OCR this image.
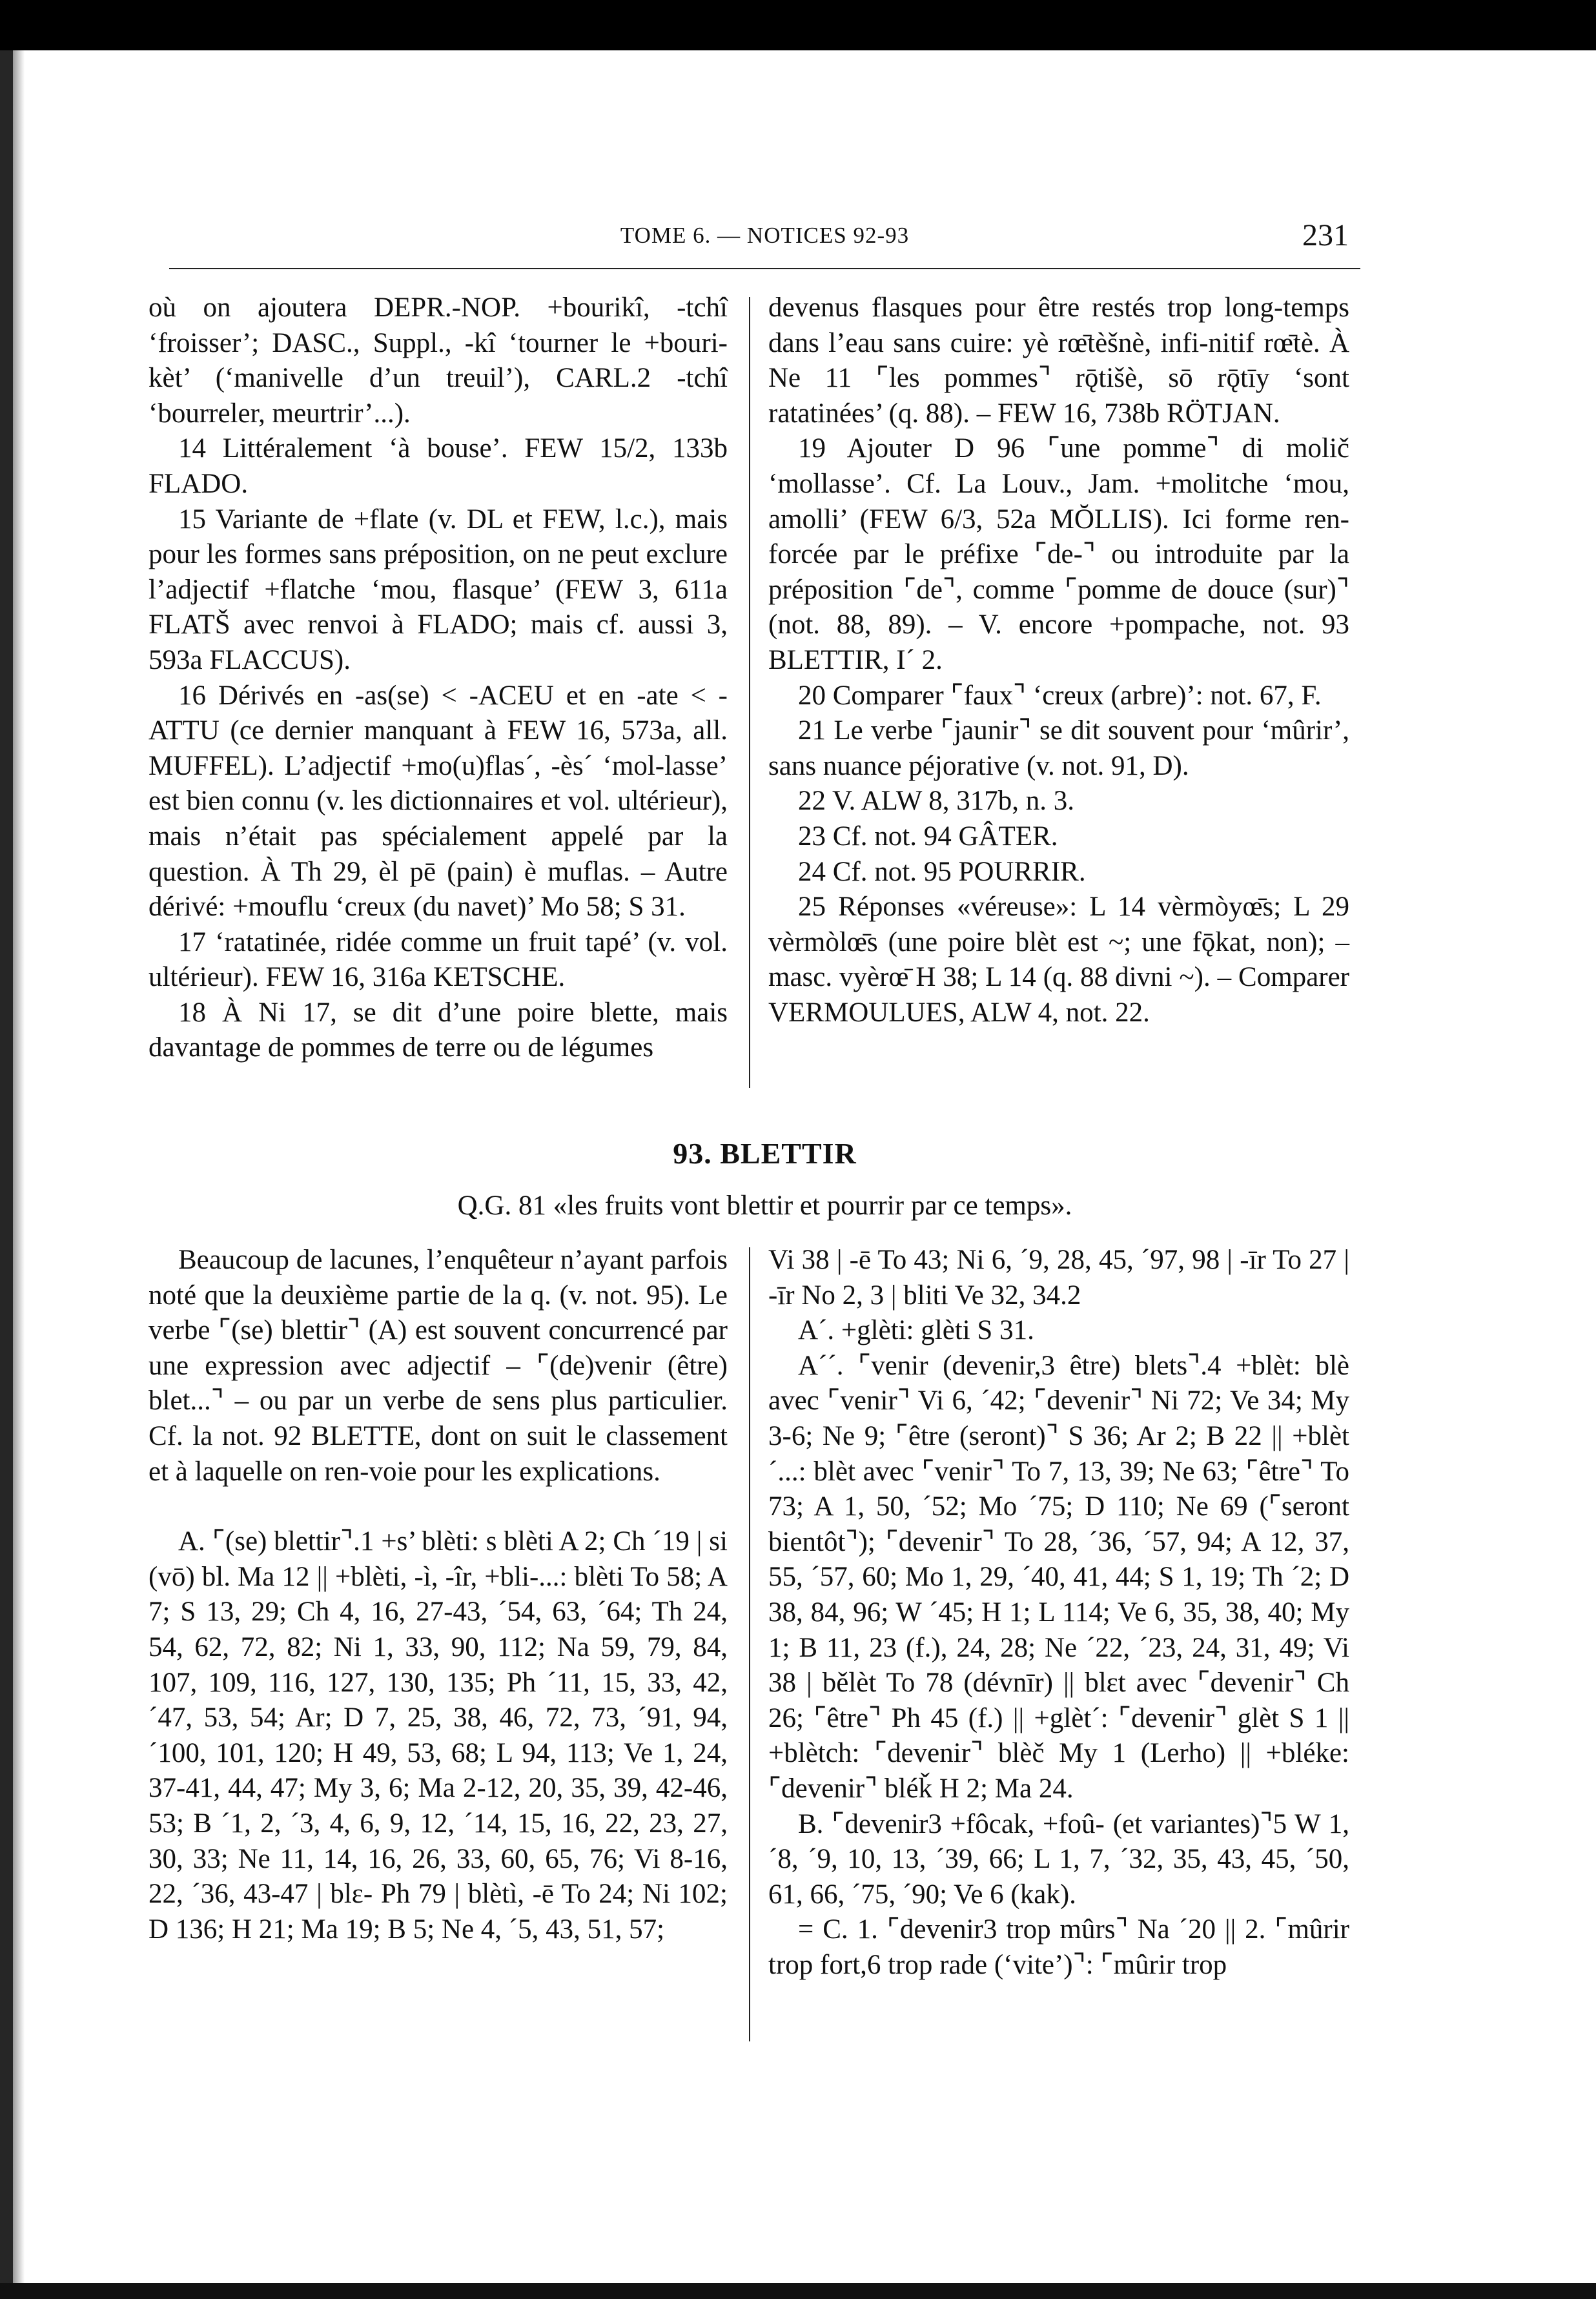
TOME 6. — NOTICES 92-93	231

où on ajoutera DEPR.-NOP. +bourikî, -tchî ‘froisser’; DASC., Suppl., -kî ‘tourner le +bouri-kèt’ (‘manivelle d’un treuil’), CARL.2 -tchî ‘bourreler, meurtrir’...).

14 Littéralement ‘à bouse’. FEW 15/2, 133b FLADO.

15 Variante de +flate (v. DL et FEW, l.c.), mais pour les formes sans préposition, on ne peut exclure l’adjectif +flatche ‘mou, flasque’ (FEW 3, 611a FLATŠ avec renvoi à FLADO; mais cf. aussi 3, 593a FLACCUS).

16 Dérivés en -as(se) < -ACEU et en -ate < -ATTU (ce dernier manquant à FEW 16, 573a, all. MUFFEL). L’adjectif +mo(u)flas´, -ès´ ‘mol-lasse’ est bien connu (v. les dictionnaires et vol. ultérieur), mais n’était pas spécialement appelé par la question. À Th 29, èl pē (pain) è muflas. – Autre dérivé: +mouflu ‘creux (du navet)’ Mo 58; S 31.

17 ‘ratatinée, ridée comme un fruit tapé’ (v. vol. ultérieur). FEW 16, 316a KETSCHE.

18 À Ni 17, se dit d’une poire blette, mais davantage de pommes de terre ou de légumes

devenus flasques pour être restés trop long-temps dans l’eau sans cuire: yè rœ̄tèšnè, infi-nitif rœ̄tè. À Ne 11 ⌜les pommes⌝ rǭtišè, sō rǭtīy ‘sont ratatinées’ (q. 88). – FEW 16, 738b RÖTJAN.

19 Ajouter D 96 ⌜une pomme⌝ di molič ‘mollasse’. Cf. La Louv., Jam. +molitche ‘mou, amolli’ (FEW 6/3, 52a MŎLLIS). Ici forme ren-forcée par le préfixe ⌜de-⌝ ou introduite par la préposition ⌜de⌝, comme ⌜pomme de douce (sur)⌝ (not. 88, 89). – V. encore +pompache, not. 93 BLETTIR, I´ 2.

20 Comparer ⌜faux⌝ ‘creux (arbre)’: not. 67, F.

21 Le verbe ⌜jaunir⌝ se dit souvent pour ‘mûrir’, sans nuance péjorative (v. not. 91, D).

22 V. ALW 8, 317b, n. 3.

23 Cf. not. 94 GÂTER.

24 Cf. not. 95 POURRIR.

25 Réponses «véreuse»: L 14 vèrmòyœ̄s; L 29 vèrmòlœ̄s (une poire blèt est ~; une fǭkat, non); – masc. vyèrœ̄ H 38; L 14 (q. 88 divni ~). – Comparer VERMOULUES, ALW 4, not. 22.

93. BLETTIR
Q.G. 81 «les fruits vont blettir et pourrir par ce temps».

Beaucoup de lacunes, l’enquêteur n’ayant parfois noté que la deuxième partie de la q. (v. not. 95). Le verbe ⌜(se) blettir⌝ (A) est souvent concurrencé par une expression avec adjectif – ⌜(de)venir (être) blet...⌝ – ou par un verbe de sens plus particulier. Cf. la not. 92 BLETTE, dont on suit le classement et à laquelle on ren-voie pour les explications.

A. ⌜(se) blettir⌝.1 +s’ blèti: s blèti A 2; Ch ´19 | si (vō) bl. Ma 12 || +blèti, -ì, -îr, +bli-...: blèti To 58; A 7; S 13, 29; Ch 4, 16, 27-43, ´54, 63, ´64; Th 24, 54, 62, 72, 82; Ni 1, 33, 90, 112; Na 59, 79, 84, 107, 109, 116, 127, 130, 135; Ph ´11, 15, 33, 42, ´47, 53, 54; Ar; D 7, 25, 38, 46, 72, 73, ´91, 94, ´100, 101, 120; H 49, 53, 68; L 94, 113; Ve 1, 24, 37-41, 44, 47; My 3, 6; Ma 2-12, 20, 35, 39, 42-46, 53; B ´1, 2, ´3, 4, 6, 9, 12, ´14, 15, 16, 22, 23, 27, 30, 33; Ne 11, 14, 16, 26, 33, 60, 65, 76; Vi 8-16, 22, ´36, 43-47 | blɛ- Ph 79 | blètì, -ē To 24; Ni 102; D 136; H 21; Ma 19; B 5; Ne 4, ´5, 43, 51, 57;

Vi 38 | -ē To 43; Ni 6, ´9, 28, 45, ´97, 98 | -īr To 27 | -īr No 2, 3 | bliti Ve 32, 34.2

A´. +glèti: glèti S 31.

A´´. ⌜venir (devenir,3 être) blets⌝.4 +blèt: blè avec ⌜venir⌝ Vi 6, ´42; ⌜devenir⌝ Ni 72; Ve 34; My 3-6; Ne 9; ⌜être (seront)⌝ S 36; Ar 2; B 22 || +blèt´...: blèt avec ⌜venir⌝ To 7, 13, 39; Ne 63; ⌜être⌝ To 73; A 1, 50, ´52; Mo ´75; D 110; Ne 69 (⌜seront bientôt⌝); ⌜devenir⌝ To 28, ´36, ´57, 94; A 12, 37, 55, ´57, 60; Mo 1, 29, ´40, 41, 44; S 1, 19; Th ´2; D 38, 84, 96; W ´45; H 1; L 114; Ve 6, 35, 38, 40; My 1; B 11, 23 (f.), 24, 28; Ne ´22, ´23, 24, 31, 49; Vi 38 | bělèt To 78 (dévnīr) || blɛt avec ⌜devenir⌝ Ch 26; ⌜être⌝ Ph 45 (f.) || +glèt´: ⌜devenir⌝ glèt S 1 || +blètch: ⌜devenir⌝ blèč My 1 (Lerho) || +bléke: ⌜devenir⌝ bléǩ H 2; Ma 24.

B. ⌜devenir3 +fôcak, +foû- (et variantes)⌝5 W 1, ´8, ´9, 10, 13, ´39, 66; L 1, 7, ´32, 35, 43, 45, ´50, 61, 66, ´75, ´90; Ve 6 (kak).

= C. 1. ⌜devenir3 trop mûrs⌝ Na ´20 || 2. ⌜mûrir trop fort,6 trop rade (‘vite’)⌝: ⌜mûrir trop
